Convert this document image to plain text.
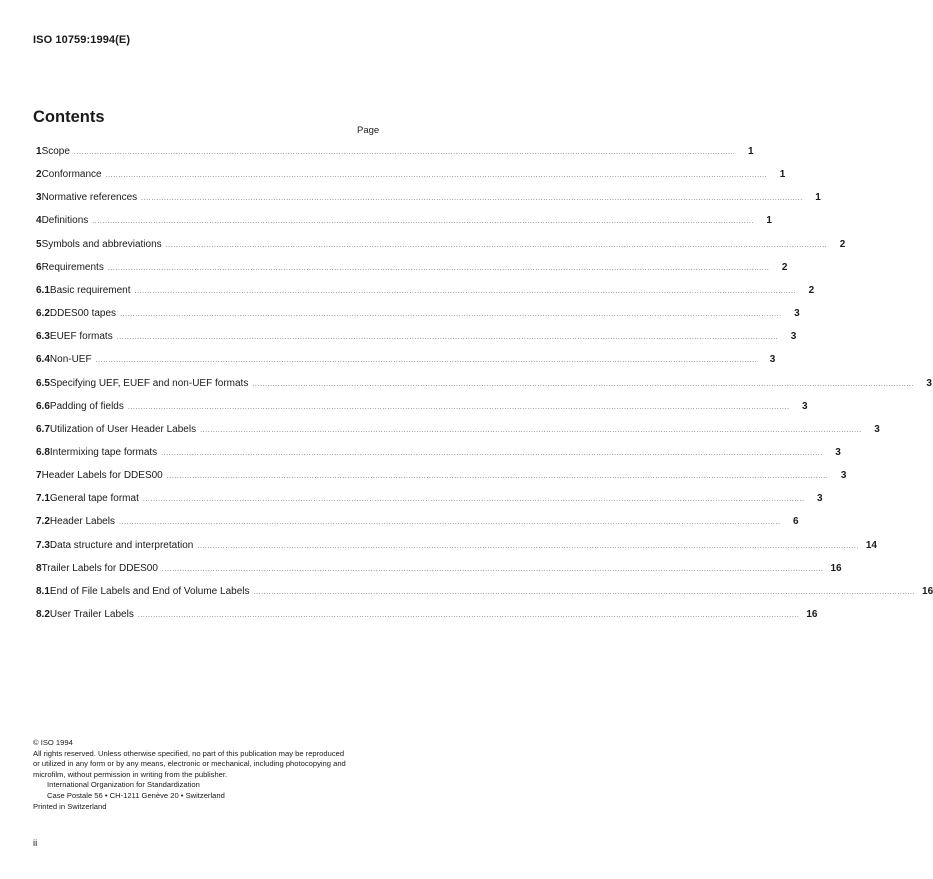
ISO 10759:1994(E)
Contents
Page
1 Scope ....................................................................................................................................................................................................................................................................	1
2 Conformance ....................................................................................................................................................................................................................................................................	1
3 Normative references ....................................................................................................................................................................................................................................................................	1
4 Definitions ....................................................................................................................................................................................................................................................................	1
5 Symbols and abbreviations ....................................................................................................................................................................................................................................................................	2
6 Requirements ....................................................................................................................................................................................................................................................................	2
6.1 Basic requirement ....................................................................................................................................................................................................................................................................	2
6.2 DDES00 tapes ....................................................................................................................................................................................................................................................................	3
6.3 EUEF formats ....................................................................................................................................................................................................................................................................	3
6.4 Non-UEF ....................................................................................................................................................................................................................................................................	3
6.5 Specifying UEF, EUEF and non-UEF formats ....................................................................................................................................................................................................................................................................	3
6.6 Padding of fields ....................................................................................................................................................................................................................................................................	3
6.7 Utilization of User Header Labels ....................................................................................................................................................................................................................................................................	3
6.8 Intermixing tape formats ....................................................................................................................................................................................................................................................................	3
7 Header Labels for DDES00 ....................................................................................................................................................................................................................................................................	3
7.1 General tape format ....................................................................................................................................................................................................................................................................	3
7.2 Header Labels ....................................................................................................................................................................................................................................................................	6
7.3 Data structure and interpretation .................................................................................................................................................................................................................................................................... 14
8 Trailer Labels for DDES00 .................................................................................................................................................................................................................................................................... 16
8.1 End of File Labels and End of Volume Labels .................................................................................................................................................................................................................................................................... 16
8.2 User Trailer Labels .................................................................................................................................................................................................................................................................... 16

© ISO 1994

All rights reserved. Unless otherwise specified, no part of this publication may be reproduced

or utilized in any form or by any means, electronic or mechanical, including photocopying and

microfilm, without permission in writing from the publisher.

International Organization for Standardization

Case Postale 56 • CH-1211 Genève 20 • Switzerland

Printed in Switzerland

ii
